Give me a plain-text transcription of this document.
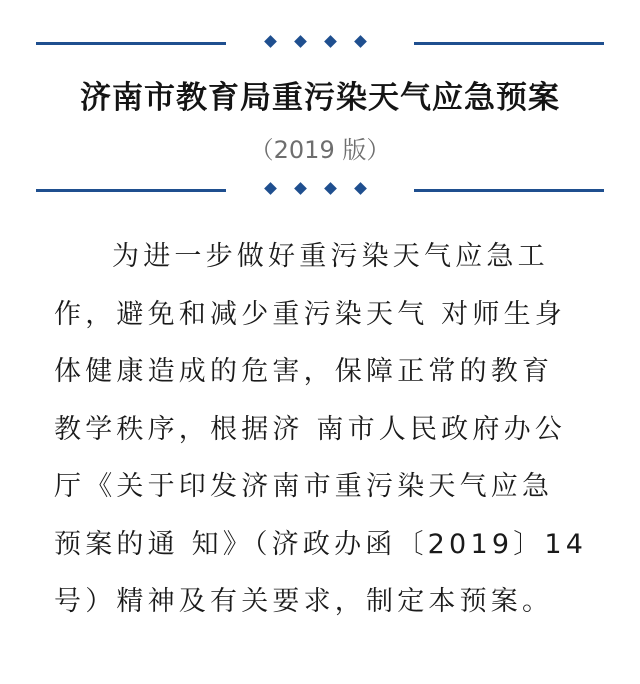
济南市教育局重污染天气应急预案
（2019 版）
为进一步做好重污染天气应急工
作，避免和减少重污染天气 对师生身
体健康造成的危害，保障正常的教育
教学秩序，根据济 南市人民政府办公
厅《关于印发济南市重污染天气应急
预案的通 知》（济政办函〔2019〕14
号）精神及有关要求，制定本预案。
